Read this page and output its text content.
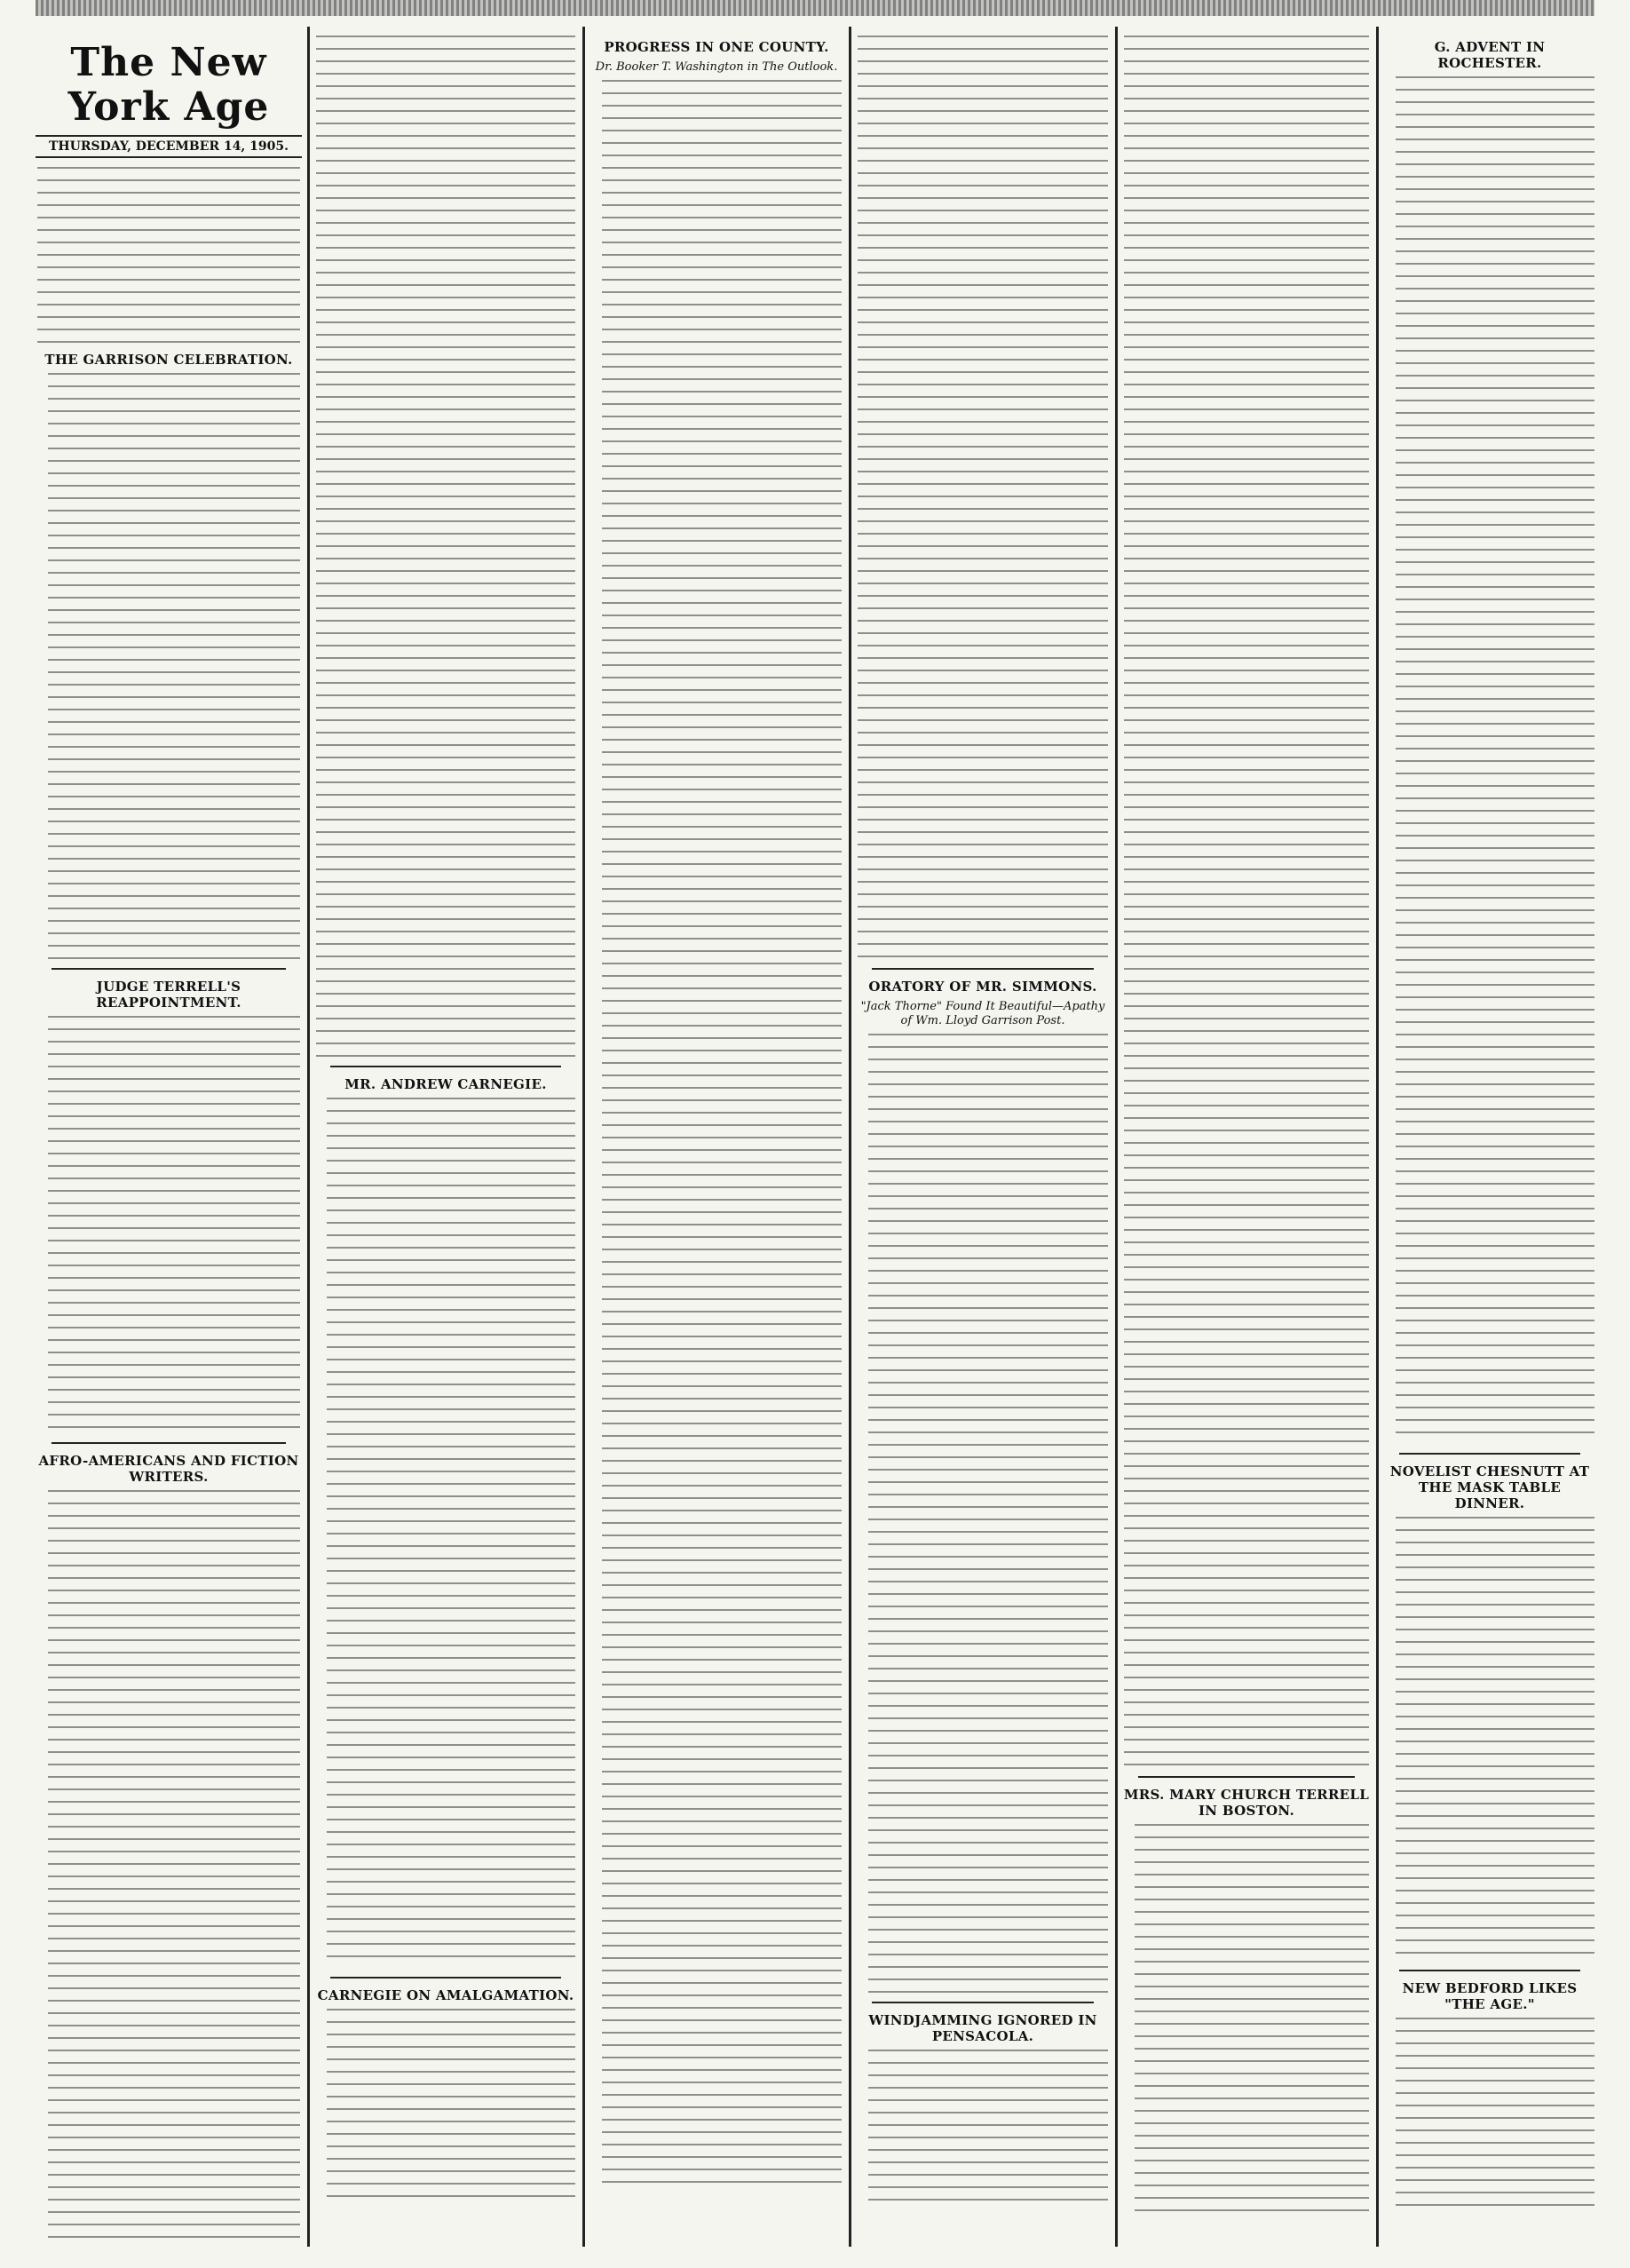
The New York Age
THURSDAY, DECEMBER 14, 1905.
THE GARRISON CELEBRATION.
JUDGE TERRELL'S REAPPOINTMENT.
AFRO-AMERICANS AND FICTION WRITERS.
MR. ANDREW CARNEGIE.
CARNEGIE ON AMALGAMATION.
PROGRESS IN ONE COUNTY.
Dr. Booker T. Washington in The Outlook.
ORATORY OF MR. SIMMONS.
"Jack Thorne" Found It Beautiful—Apathy of Wm. Lloyd Garrison Post.
WINDJAMMING IGNORED IN PENSACOLA.
MRS. MARY CHURCH TERRELL IN BOSTON.
G. ADVENT IN ROCHESTER.
NOVELIST CHESNUTT AT THE MASK TABLE DINNER.
NEW BEDFORD LIKES "THE AGE."
